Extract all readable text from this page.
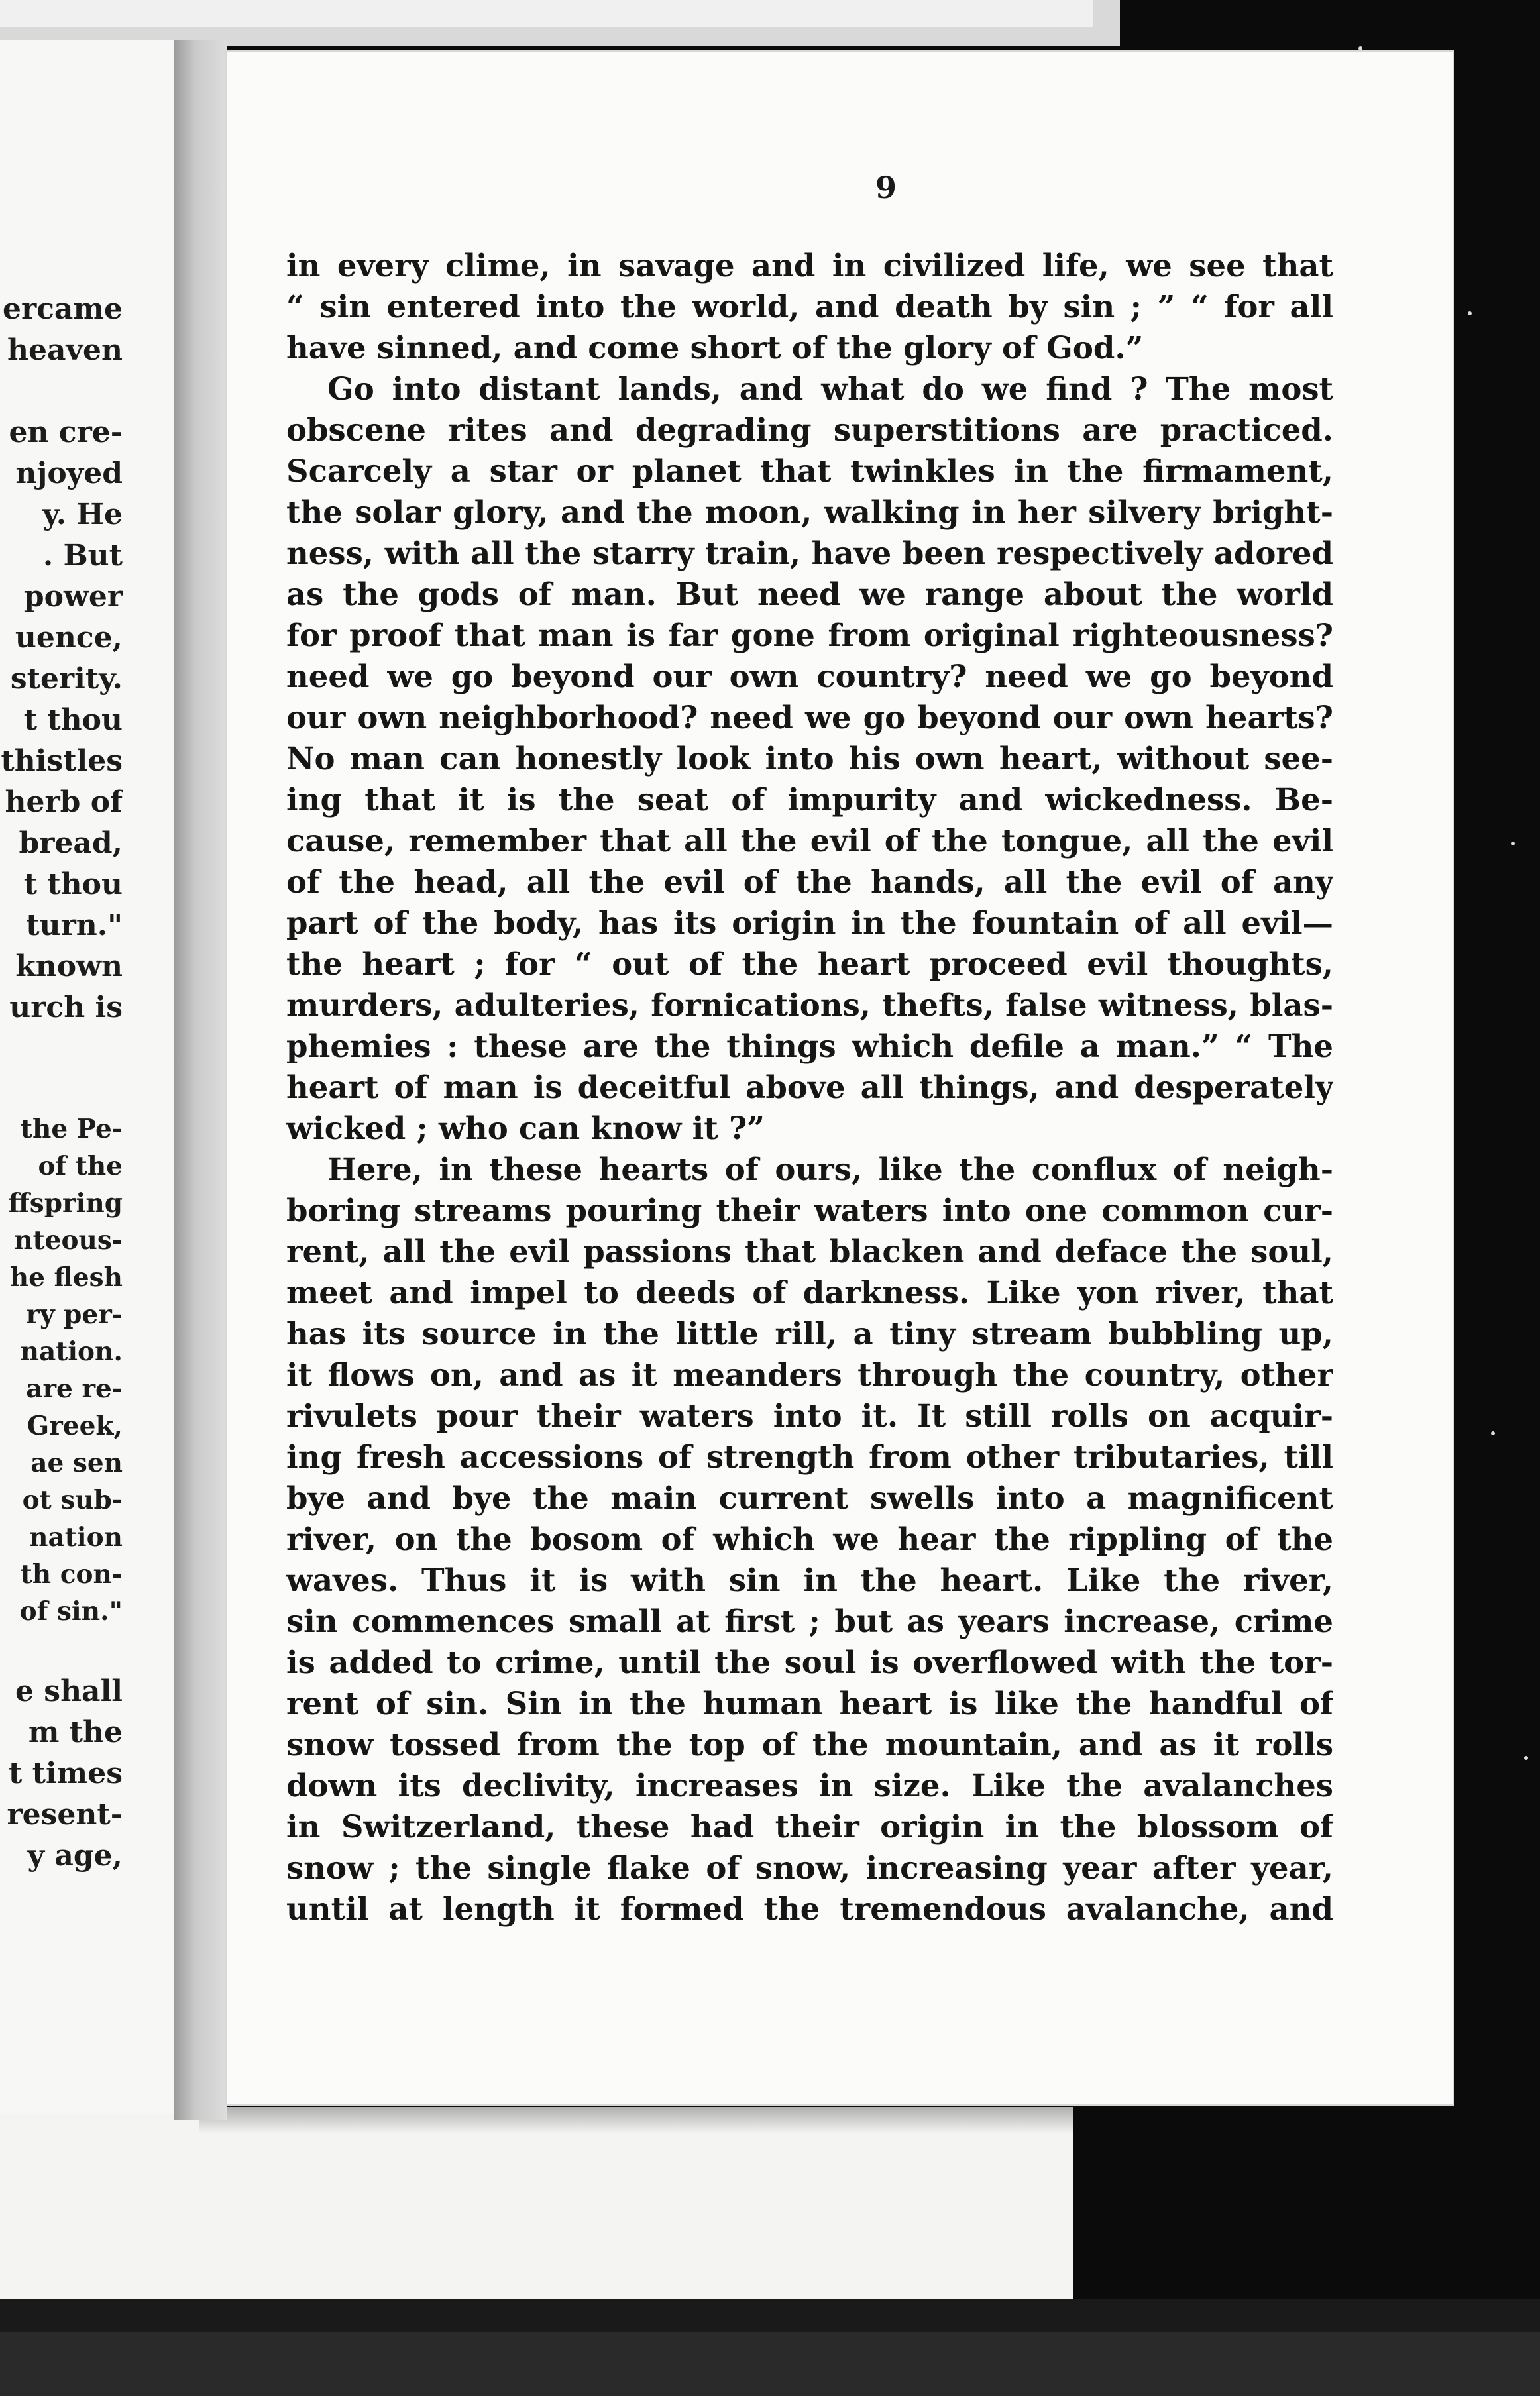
ercame
heaven
en cre-
njoyed
y. He
. But
power
uence,
sterity.
t thou
thistles
herb of
bread,
t thou
turn."
known
urch is
the Pe-
of the
ffspring
nteous-
he flesh
ry per-
nation.
are re-
Greek,
ae sen
ot sub-
nation
th con-
of sin."
e shall
m the
t times
resent-
y age,
9
in every clime, in savage and in civilized life, we see that
“ sin entered into the world, and death by sin ; ” “ for all
have sinned, and come short of the glory of God.”
Go into distant lands, and what do we find ? The most
obscene rites and degrading superstitions are practiced.
Scarcely a star or planet that twinkles in the firmament,
the solar glory, and the moon, walking in her silvery bright-
ness, with all the starry train, have been respectively adored
as the gods of man. But need we range about the world
for proof that man is far gone from original righteousness?
need we go beyond our own country? need we go beyond
our own neighborhood? need we go beyond our own hearts?
No man can honestly look into his own heart, without see-
ing that it is the seat of impurity and wickedness. Be-
cause, remember that all the evil of the tongue, all the evil
of the head, all the evil of the hands, all the evil of any
part of the body, has its origin in the fountain of all evil—
the heart ; for “ out of the heart proceed evil thoughts,
murders, adulteries, fornications, thefts, false witness, blas-
phemies : these are the things which defile a man.” “ The
heart of man is deceitful above all things, and desperately
wicked ; who can know it ?”
Here, in these hearts of ours, like the conflux of neigh-
boring streams pouring their waters into one common cur-
rent, all the evil passions that blacken and deface the soul,
meet and impel to deeds of darkness. Like yon river, that
has its source in the little rill, a tiny stream bubbling up,
it flows on, and as it meanders through the country, other
rivulets pour their waters into it. It still rolls on acquir-
ing fresh accessions of strength from other tributaries, till
bye and bye the main current swells into a magnificent
river, on the bosom of which we hear the rippling of the
waves. Thus it is with sin in the heart. Like the river,
sin commences small at first ; but as years increase, crime
is added to crime, until the soul is overflowed with the tor-
rent of sin. Sin in the human heart is like the handful of
snow tossed from the top of the mountain, and as it rolls
down its declivity, increases in size. Like the avalanches
in Switzerland, these had their origin in the blossom of
snow ; the single flake of snow, increasing year after year,
until at length it formed the tremendous avalanche, and
